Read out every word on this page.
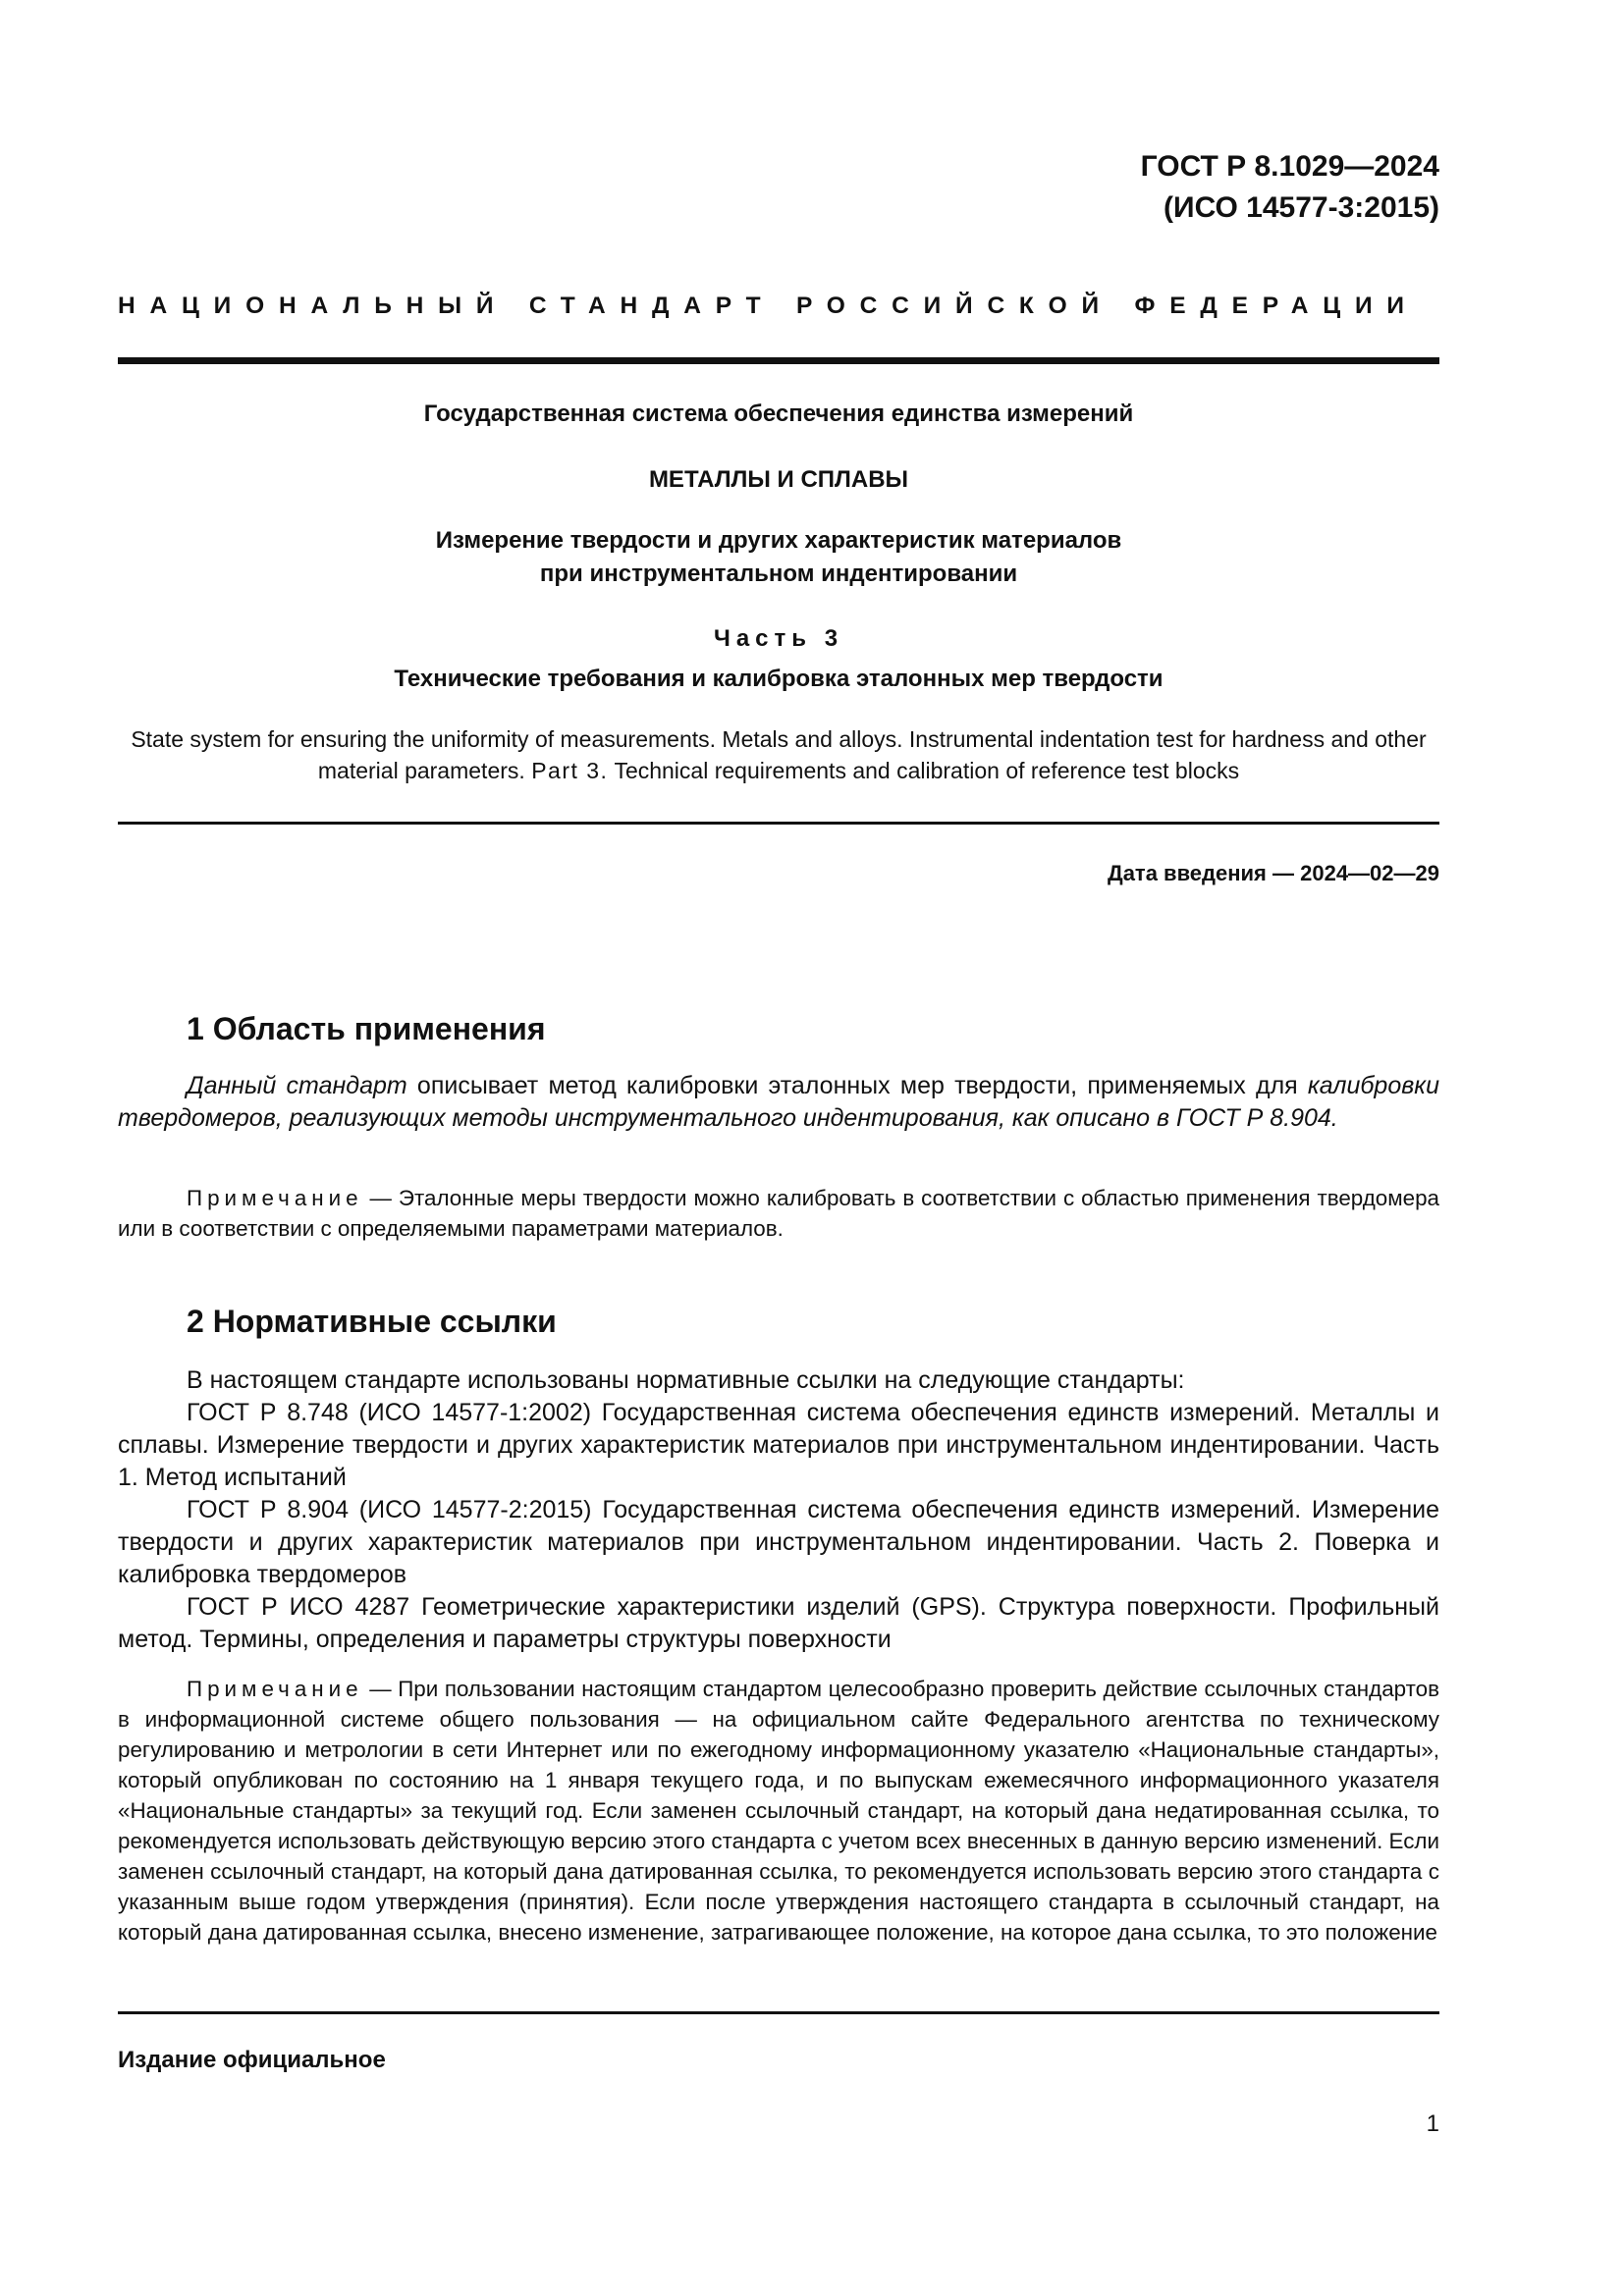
ГОСТ Р 8.1029—2024
(ИСО 14577-3:2015)
НАЦИОНАЛЬНЫЙ СТАНДАРТ РОССИЙСКОЙ ФЕДЕРАЦИИ
Государственная система обеспечения единства измерений
МЕТАЛЛЫ И СПЛАВЫ
Измерение твердости и других характеристик материалов
при инструментальном индентировании
Часть 3
Технические требования и калибровка эталонных мер твердости
State system for ensuring the uniformity of measurements. Metals and alloys. Instrumental indentation test for hardness and other material parameters. Part 3. Technical requirements and calibration of reference test blocks
Дата введения — 2024—02—29
1 Область применения
Данный стандарт описывает метод калибровки эталонных мер твердости, применяемых для калибровки твердомеров, реализующих методы инструментального индентирования, как описано в ГОСТ Р 8.904.
Примечание — Эталонные меры твердости можно калибровать в соответствии с областью применения твердомера или в соответствии с определяемыми параметрами материалов.
2 Нормативные ссылки
В настоящем стандарте использованы нормативные ссылки на следующие стандарты:
ГОСТ Р 8.748 (ИСО 14577-1:2002) Государственная система обеспечения единств измерений. Металлы и сплавы. Измерение твердости и других характеристик материалов при инструментальном индентировании. Часть 1. Метод испытаний
ГОСТ Р 8.904 (ИСО 14577-2:2015) Государственная система обеспечения единств измерений. Измерение твердости и других характеристик материалов при инструментальном индентировании. Часть 2. Поверка и калибровка твердомеров
ГОСТ Р ИСО 4287 Геометрические характеристики изделий (GPS). Структура поверхности. Профильный метод. Термины, определения и параметры структуры поверхности
Примечание — При пользовании настоящим стандартом целесообразно проверить действие ссылочных стандартов в информационной системе общего пользования — на официальном сайте Федерального агентства по техническому регулированию и метрологии в сети Интернет или по ежегодному информационному указателю «Национальные стандарты», который опубликован по состоянию на 1 января текущего года, и по выпускам ежемесячного информационного указателя «Национальные стандарты» за текущий год. Если заменен ссылочный стандарт, на который дана недатированная ссылка, то рекомендуется использовать действующую версию этого стандарта с учетом всех внесенных в данную версию изменений. Если заменен ссылочный стандарт, на который дана датированная ссылка, то рекомендуется использовать версию этого стандарта с указанным выше годом утверждения (принятия). Если после утверждения настоящего стандарта в ссылочный стандарт, на который дана датированная ссылка, внесено изменение, затрагивающее положение, на которое дана ссылка, то это положение
Издание официальное
1
